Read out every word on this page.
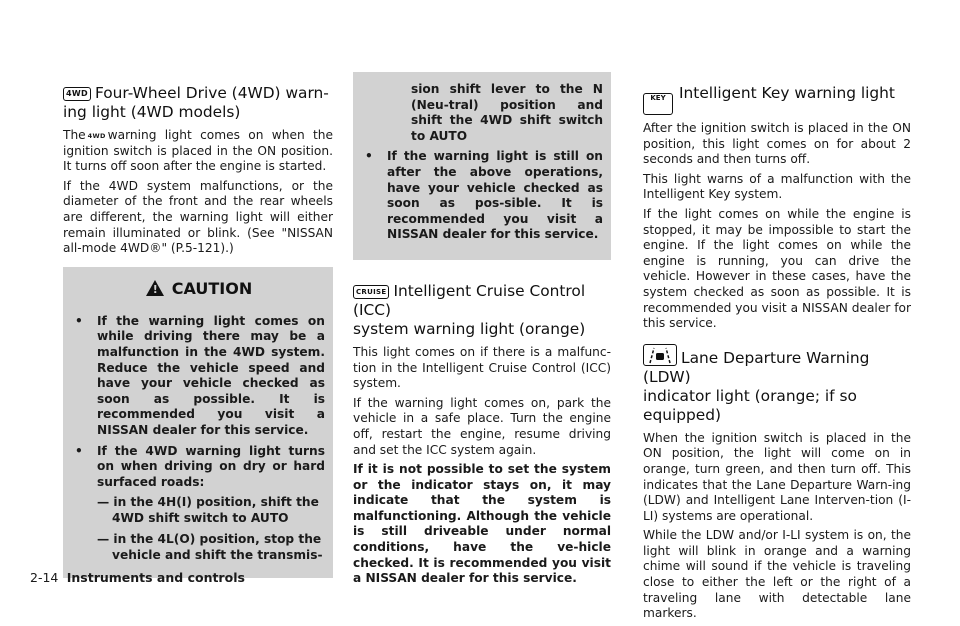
4WD Four-Wheel Drive (4WD) warn-
ing light (4WD models)

The 4WD warning light comes on when the ignition switch is placed in the ON position. It turns off soon after the engine is started.

If the 4WD system malfunctions, or the diameter of the front and the rear wheels are different, the warning light will either remain illuminated or blink. (See "NISSAN all-mode 4WD®" (P.5-121).)

!CAUTION
•	If the warning light comes on while driving there may be a malfunction in the 4WD system. Reduce the vehicle speed and have your vehicle checked as soon as possible. It is recommended you visit a NISSAN dealer for this service.
•	If the 4WD warning light turns on when driving on dry or hard surfaced roads:
— in the 4H(I) position, shift the
4WD shift switch to AUTO
— in the 4L(O) position, stop the
vehicle and shift the transmis-
sion shift lever to the N (Neu-tral) position and shift the 4WD shift switch to AUTO
•	If the warning light is still on after the above operations, have your vehicle checked as soon as pos-sible. It is recommended you visit a NISSAN dealer for this service.
CRUISE Intelligent Cruise Control (ICC)
system warning light (orange)

This light comes on if there is a malfunc-tion in the Intelligent Cruise Control (ICC) system.

If the warning light comes on, park the vehicle in a safe place. Turn the engine off, restart the engine, resume driving and set the ICC system again.

If it is not possible to set the system or the indicator stays on, it may indicate that the system is malfunctioning. Although the vehicle is still driveable under normal conditions, have the ve-hicle checked. It is recommended you visit a NISSAN dealer for this service.

KEY Intelligent Key warning light

After the ignition switch is placed in the ON position, this light comes on for about 2 seconds and then turns off.

This light warns of a malfunction with the Intelligent Key system.

If the light comes on while the engine is stopped, it may be impossible to start the engine. If the light comes on while the engine is running, you can drive the vehicle. However in these cases, have the system checked as soon as possible. It is recommended you visit a NISSAN dealer for this service.

Lane Departure Warning (LDW)
indicator light (orange; if so
equipped)

When the ignition switch is placed in the ON position, the light will come on in orange, turn green, and then turn off. This indicates that the Lane Departure Warn-ing (LDW) and Intelligent Lane Interven-tion (I-LI) systems are operational.

While the LDW and/or I-LI system is on, the light will blink in orange and a warning chime will sound if the vehicle is traveling close to either the left or the right of a traveling lane with detectable lane markers.

2-14 Instruments and controls
